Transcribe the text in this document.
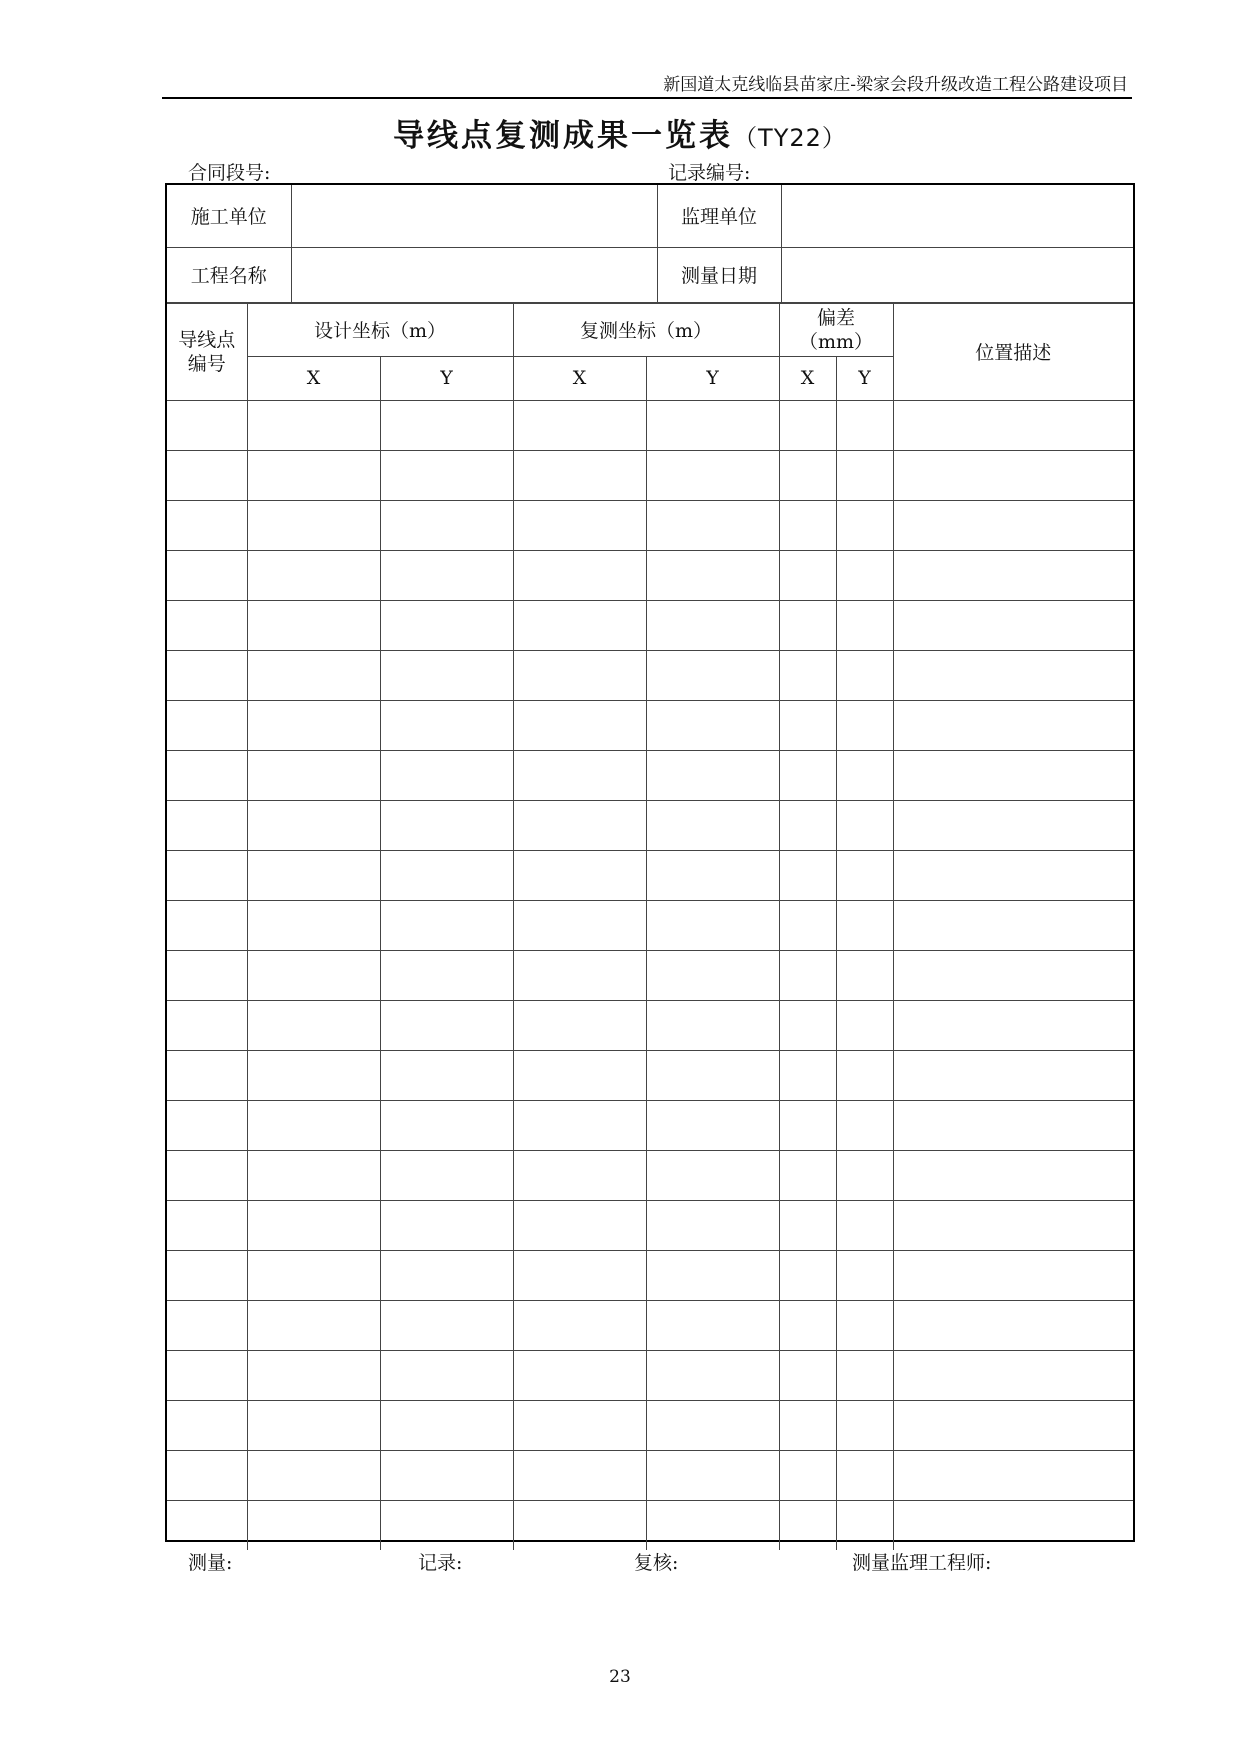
新国道太克线临县苗家庄-梁家会段升级改造工程公路建设项目
导线点复测成果一览表（TY22）
合同段号:	记录编号:
施工单位		监理单位	
工程名称		测量日期	
导线点编号	设计坐标（m）		复测坐标（m）		偏差（mm）		位置描述
	X	Y	X	Y	X	Y	

测量:	记录:	复核:	测量监理工程师:
23
